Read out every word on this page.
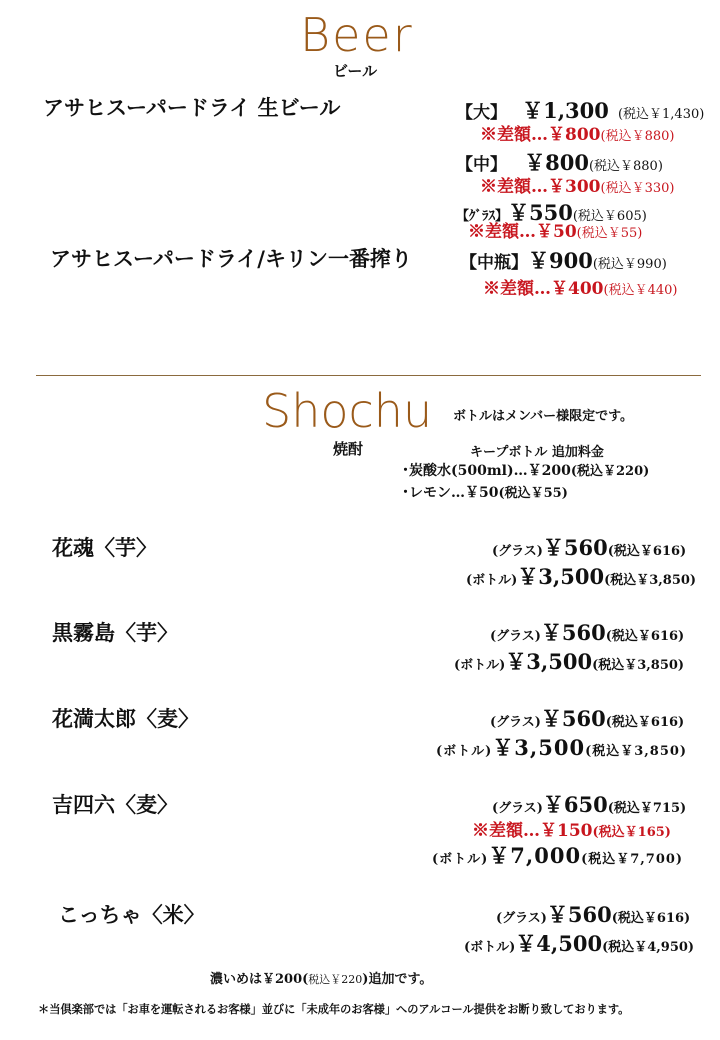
Beer
ビール
アサヒスーパードライ 生ビール	【大】 ￥1,300 (税込￥1,430)
※差額…￥800(税込￥880)
【中】 ￥800(税込￥880)
※差額…￥300(税込￥330)
【ｸﾞﾗｽ】￥550(税込￥605)
※差額…￥50(税込￥55)
アサヒスーパードライ/キリン一番搾り	【中瓶】￥900(税込￥990)
※差額…￥400(税込￥440)
Shochu
焼酎
ボトルはメンバー様限定です。
キープボトル 追加料金
･炭酸水(500ml)…￥200(税込￥220)
･レモン…￥50(税込￥55)
花魂〈芋〉	(グラス)￥560(税込￥616)
(ボトル)￥3,500(税込￥3,850)
黒霧島〈芋〉	(グラス)￥560(税込￥616)
(ボトル)￥3,500(税込￥3,850)
花満太郎〈麦〉	(グラス)￥560(税込￥616)
(ボトル)￥3,500(税込￥3,850)
吉四六〈麦〉	(グラス)￥650(税込￥715)
※差額…￥150(税込￥165)
(ボトル)￥7,000(税込￥7,700)
こっちゃ〈米〉	(グラス)￥560(税込￥616)
(ボトル)￥4,500(税込￥4,950)
濃いめは￥200(税込￥220)追加です。
＊当倶楽部では「お車を運転されるお客様」並びに「未成年のお客様」へのアルコール提供をお断り致しております。
